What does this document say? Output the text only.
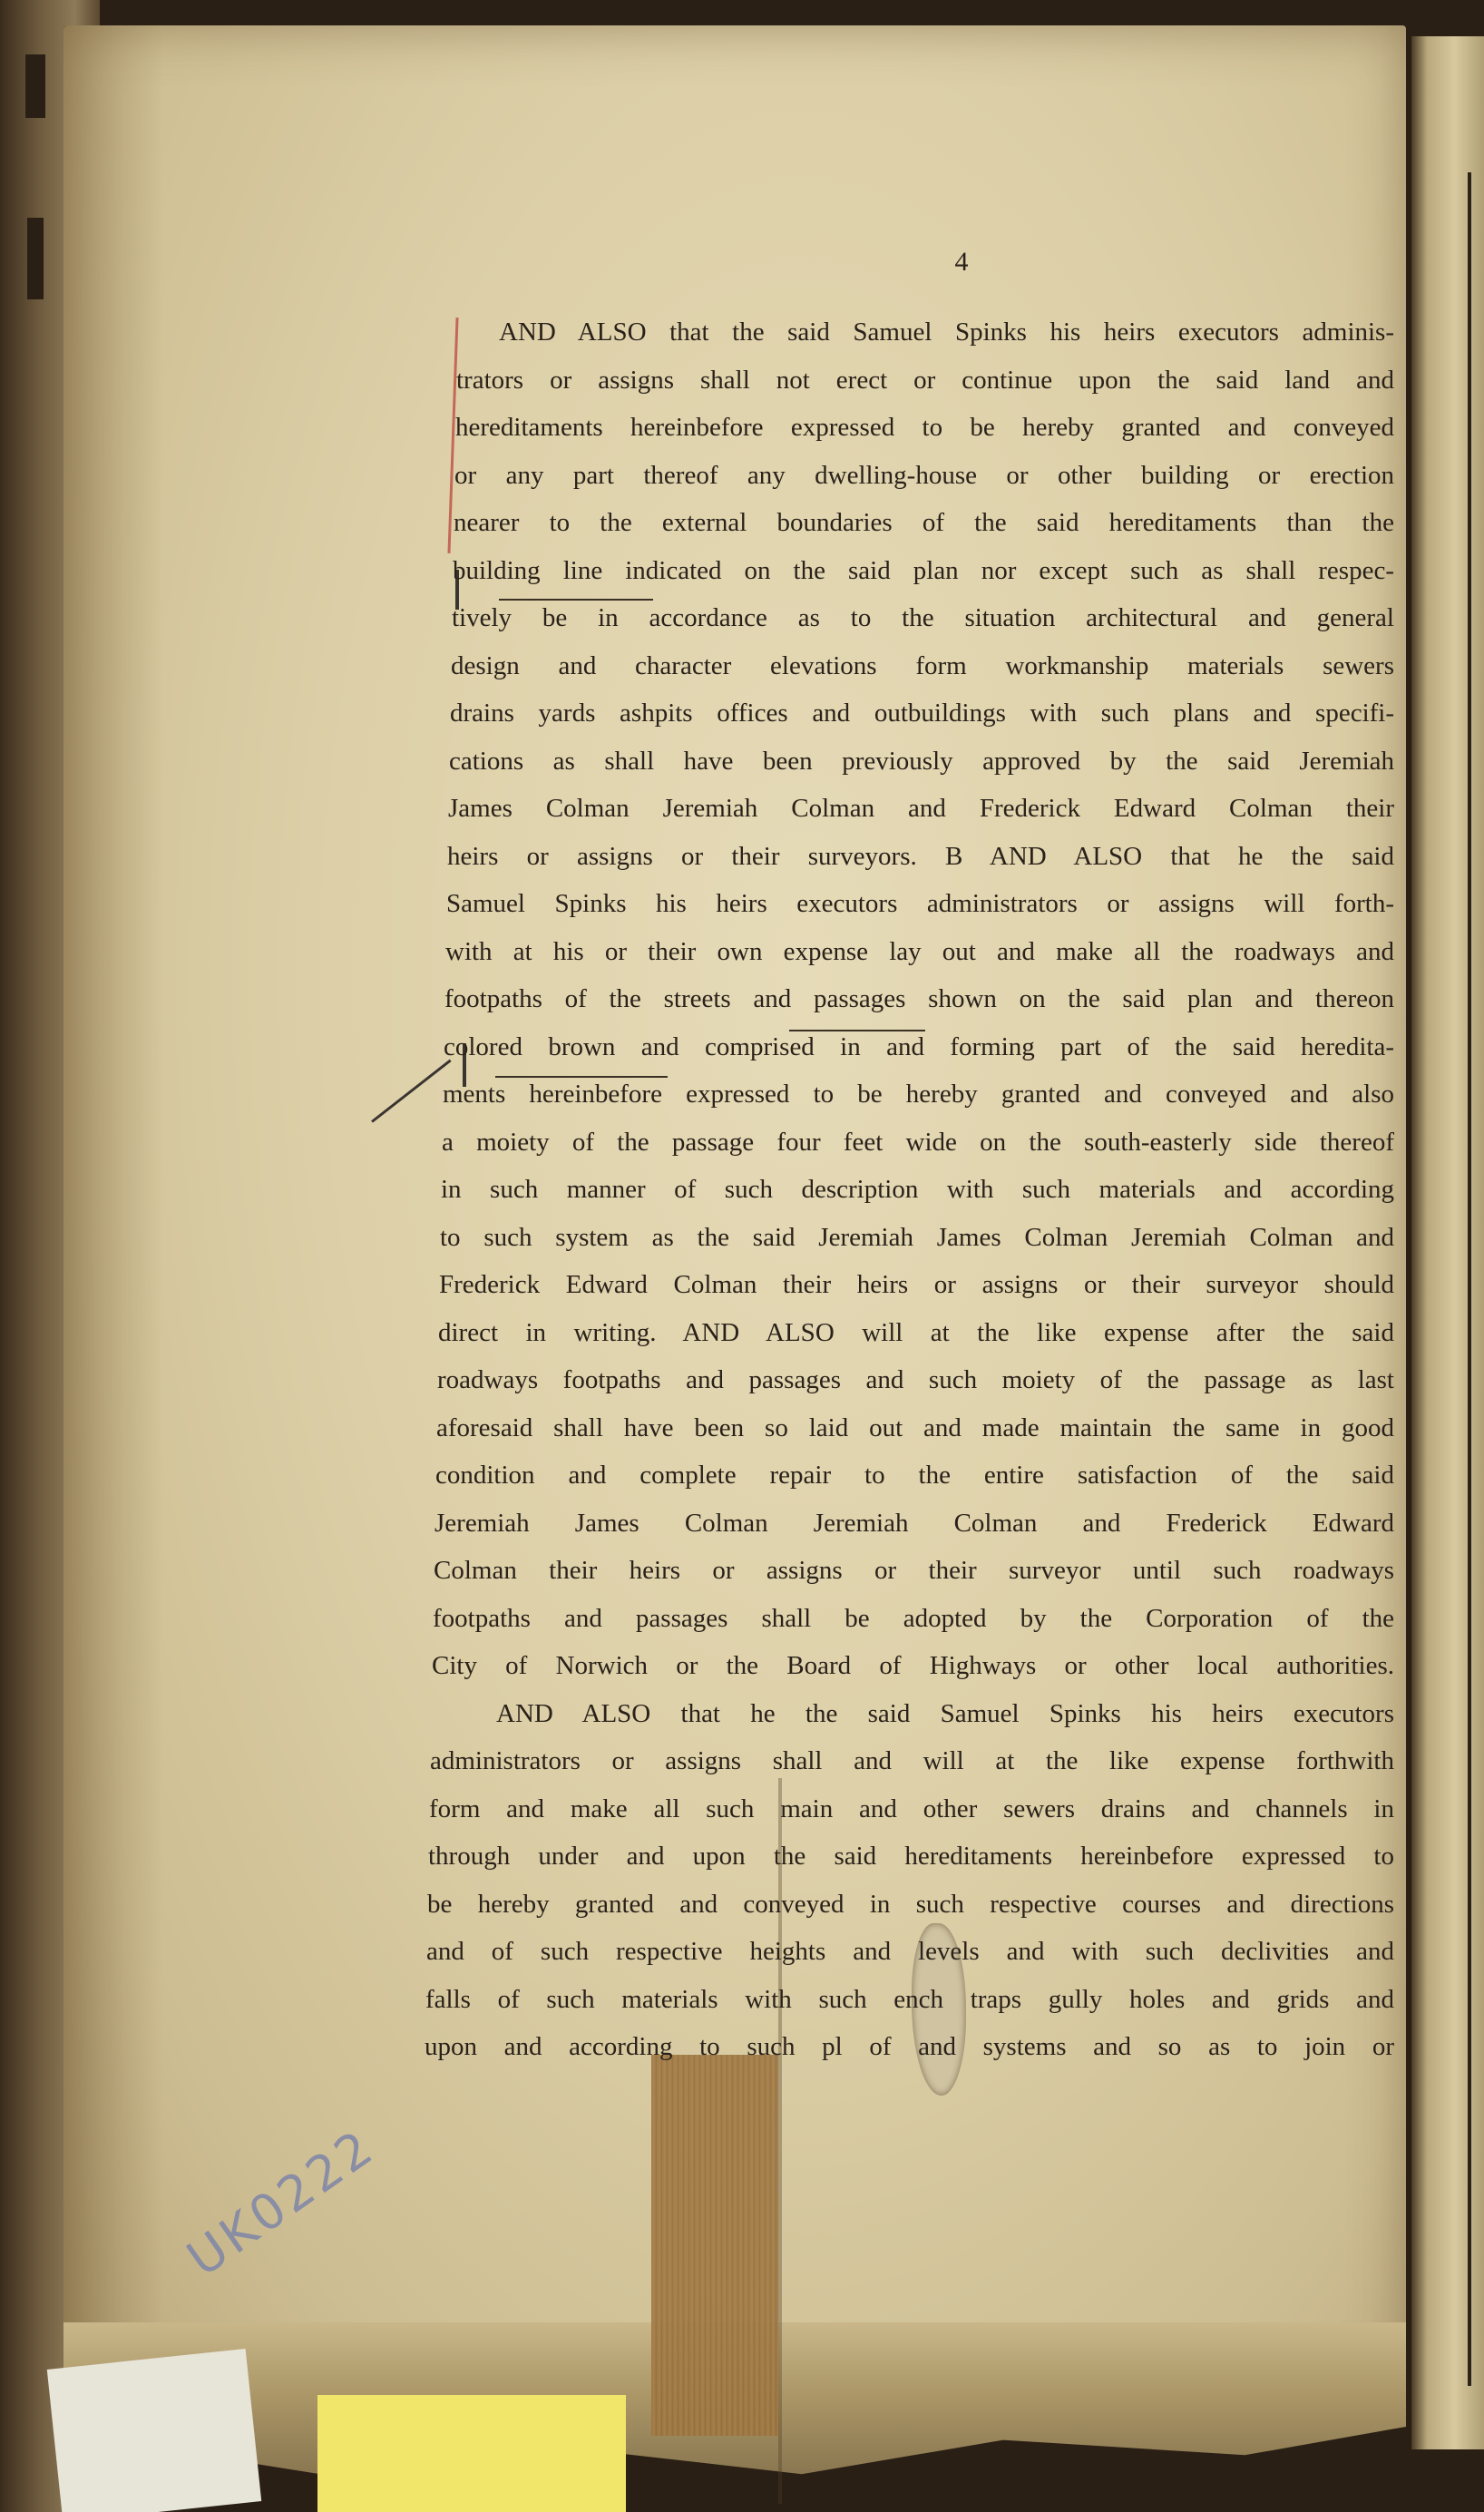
4
AND ALSO that the said Samuel Spinks his heirs executors adminis-
trators or assigns shall not erect or continue upon the said land and
hereditaments hereinbefore expressed to be hereby granted and conveyed
or any part thereof any dwelling-house or other building or erection
nearer to the external boundaries of the said hereditaments than the
building line indicated on the said plan nor except such as shall respec-
tively be in accordance as to the situation architectural and general
design and character elevations form workmanship materials sewers
drains yards ashpits offices and outbuildings with such plans and specifi-
cations as shall have been previously approved by the said Jeremiah
James Colman Jeremiah Colman and Frederick Edward Colman their
heirs or assigns or their surveyors. B AND ALSO that he the said
Samuel Spinks his heirs executors administrators or assigns will forth-
with at his or their own expense lay out and make all the roadways and
footpaths of the streets and passages shown on the said plan and thereon
colored brown and comprised in and forming part of the said heredita-
ments hereinbefore expressed to be hereby granted and conveyed and also
a moiety of the passage four feet wide on the south-easterly side thereof
in such manner of such description with such materials and according
to such system as the said Jeremiah James Colman Jeremiah Colman and
Frederick Edward Colman their heirs or assigns or their surveyor should
direct in writing. AND ALSO will at the like expense after the said
roadways footpaths and passages and such moiety of the passage as last
aforesaid shall have been so laid out and made maintain the same in good
condition and complete repair to the entire satisfaction of the said
Jeremiah James Colman Jeremiah Colman and Frederick Edward
Colman their heirs or assigns or their surveyor until such roadways
footpaths and passages shall be adopted by the Corporation of the
City of Norwich or the Board of Highways or other local authorities.
AND ALSO that he the said Samuel Spinks his heirs executors
administrators or assigns shall and will at the like expense forthwith
form and make all such main and other sewers drains and channels in
through under and upon the said hereditaments hereinbefore expressed to
be hereby granted and conveyed in such respective courses and directions
and of such respective heights and levels and with such declivities and
falls of such materials with such ench traps gully holes and grids and
upon and according to such pl of and systems and so as to join or
UK0222
